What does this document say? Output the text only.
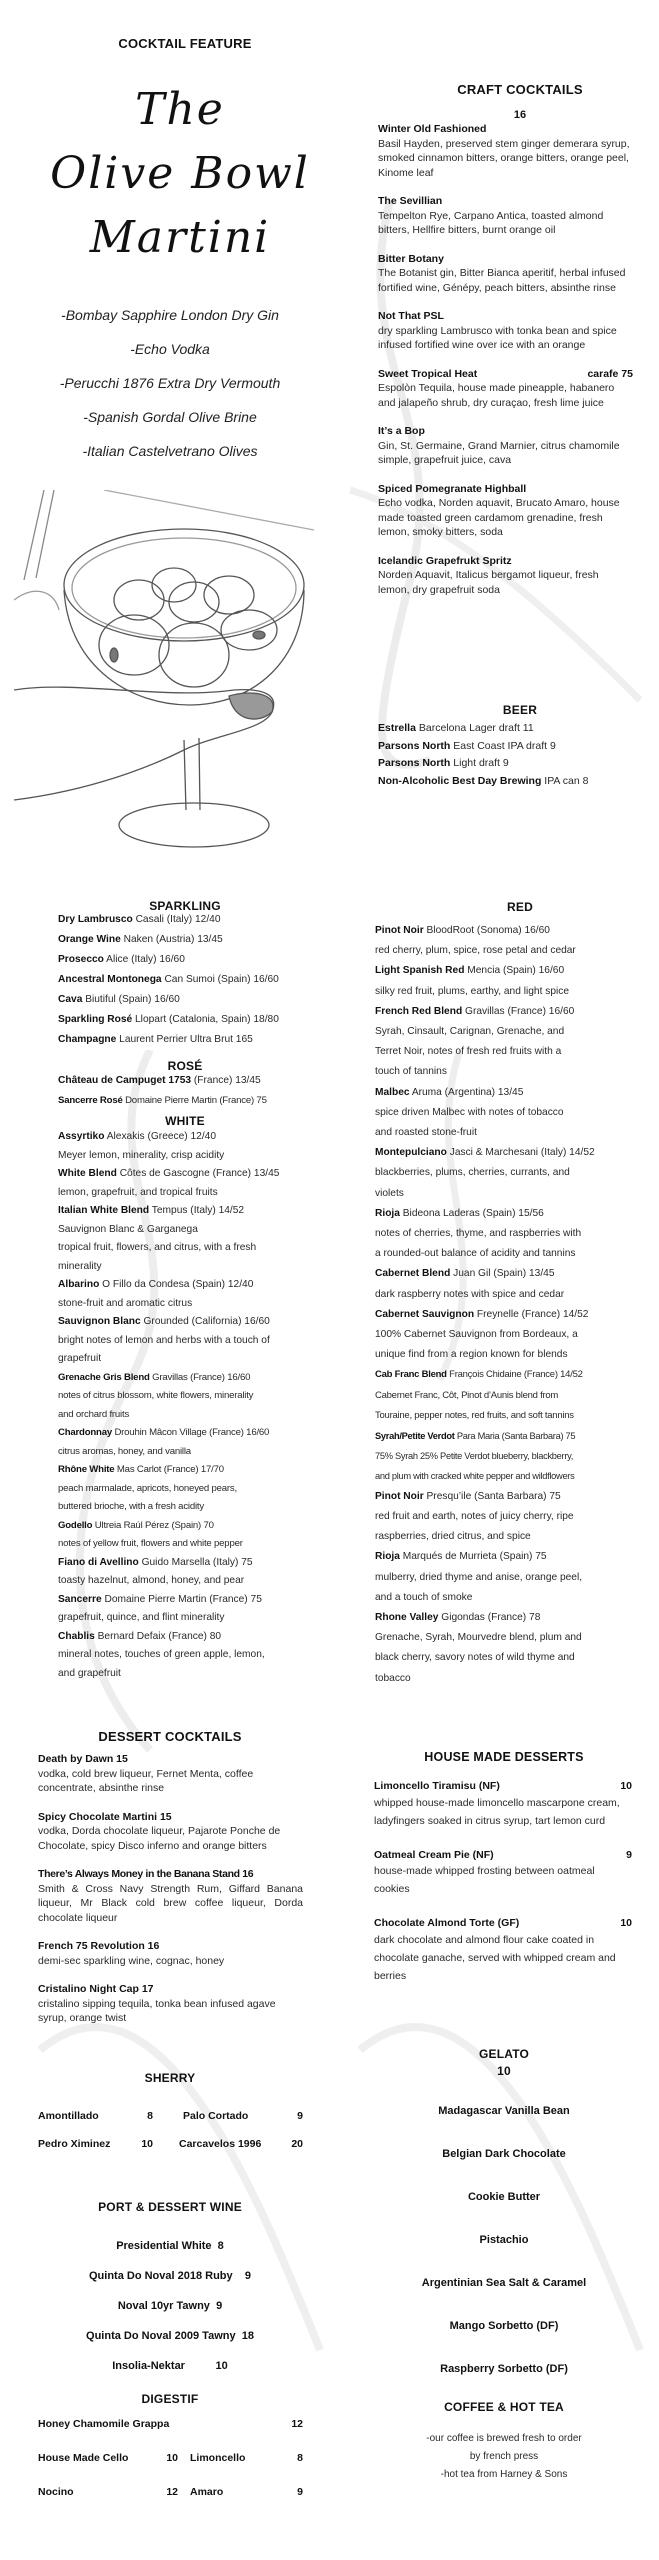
COCKTAIL FEATURE
The
Olive Bowl
Martini
-Bombay Sapphire London Dry Gin
-Echo Vodka
-Perucchi 1876 Extra Dry Vermouth
-Spanish Gordal Olive Brine
-Italian Castelvetrano Olives
CRAFT COCKTAILS
16
Winter Old Fashioned
Basil Hayden, preserved stem ginger demerara syrup, smoked cinnamon bitters, orange bitters, orange peel, Kinome leaf
The Sevillian
Tempelton Rye, Carpano Antica, toasted almond bitters, Hellfire bitters, burnt orange oil
Bitter Botany
The Botanist gin, Bitter Bianca aperitif, herbal infused fortified wine, Génépy, peach bitters, absinthe rinse
Not That PSL
dry sparkling Lambrusco with tonka bean and spice infused fortified wine over ice with an orange
Sweet Tropical Heat	carafe 75
Espolòn Tequila, house made pineapple, habanero and jalapeño shrub, dry curaçao, fresh lime juice
It’s a Bop
Gin, St. Germaine, Grand Marnier, citrus chamomile simple, grapefruit juice, cava
Spiced Pomegranate Highball
Echo vodka, Norden aquavit, Brucato Amaro, house made toasted green cardamom grenadine, fresh lemon, smoky bitters, soda
Icelandic Grapefrukt Spritz
Norden Aquavit, Italicus bergamot liqueur, fresh lemon, dry grapefruit soda
BEER
Estrella Barcelona Lager draft 11
Parsons North East Coast IPA draft 9
Parsons North Light draft 9
Non-Alcoholic Best Day Brewing IPA can 8
SPARKLING
Dry Lambrusco Casali (Italy) 12/40
Orange Wine Naken (Austria) 13/45
Prosecco Alice (Italy) 16/60
Ancestral Montonega Can Sumoi (Spain) 16/60
Cava Biutiful (Spain) 16/60
Sparkling Rosé Llopart (Catalonia, Spain) 18/80
Champagne Laurent Perrier Ultra Brut 165
ROSÉ
Château de Campuget 1753 (France) 13/45
Sancerre Rosé Domaine Pierre Martin (France) 75
WHITE
Assyrtiko Alexakis (Greece) 12/40
Meyer lemon, minerality, crisp acidity
White Blend Côtes de Gascogne (France) 13/45
lemon, grapefruit, and tropical fruits
Italian White Blend Tempus (Italy) 14/52
Sauvignon Blanc & Garganega
tropical fruit, flowers, and citrus, with a fresh
minerality
Albarino O Fillo da Condesa (Spain) 12/40
stone-fruit and aromatic citrus
Sauvignon Blanc Grounded (California) 16/60
bright notes of lemon and herbs with a touch of
grapefruit
Grenache Gris Blend Gravillas (France) 16/60
notes of citrus blossom, white flowers, minerality
and orchard fruits
Chardonnay Drouhin Mâcon Village (France) 16/60
citrus aromas, honey, and vanilla
Rhône White Mas Carlot (France) 17/70
peach marmalade, apricots, honeyed pears,
buttered brioche, with a fresh acidity
Godello Ultreia Raúl Pérez (Spain) 70
notes of yellow fruit, flowers and white pepper
Fiano di Avellino Guido Marsella (Italy) 75
toasty hazelnut, almond, honey, and pear
Sancerre Domaine Pierre Martin (France) 75
grapefruit, quince, and flint minerality
Chablis Bernard Defaix (France) 80
mineral notes, touches of green apple, lemon,
and grapefruit
RED
Pinot Noir BloodRoot (Sonoma) 16/60
red cherry, plum, spice, rose petal and cedar
Light Spanish Red Mencia (Spain) 16/60
silky red fruit, plums, earthy, and light spice
French Red Blend Gravillas (France) 16/60
Syrah, Cinsault, Carignan, Grenache, and
Terret Noir, notes of fresh red fruits with a
touch of tannins
Malbec Aruma (Argentina) 13/45
spice driven Malbec with notes of tobacco
and roasted stone-fruit
Montepulciano Jasci & Marchesani (Italy) 14/52
blackberries, plums, cherries, currants, and
violets
Rioja Bideona Laderas (Spain) 15/56
notes of cherries, thyme, and raspberries with
a rounded-out balance of acidity and tannins
Cabernet Blend Juan Gil (Spain) 13/45
dark raspberry notes with spice and cedar
Cabernet Sauvignon Freynelle (France) 14/52
100% Cabernet Sauvignon from Bordeaux, a
unique find from a region known for blends
Cab Franc Blend François Chidaine (France) 14/52
Cabernet Franc, Côt, Pinot d’Aunis blend from
Touraine, pepper notes, red fruits, and soft tannins
Syrah/Petite Verdot Para Maria (Santa Barbara) 75
75% Syrah 25% Petite Verdot blueberry, blackberry,
and plum with cracked white pepper and wildflowers
Pinot Noir Presqu’ile (Santa Barbara) 75
red fruit and earth, notes of juicy cherry, ripe
raspberries, dried citrus, and spice
Rioja Marqués de Murrieta (Spain) 75
mulberry, dried thyme and anise, orange peel,
and a touch of smoke
Rhone Valley Gigondas (France) 78
Grenache, Syrah, Mourvedre blend, plum and
black cherry, savory notes of wild thyme and
tobacco
DESSERT COCKTAILS
Death by Dawn 15
vodka, cold brew liqueur, Fernet Menta, coffee concentrate, absinthe rinse
Spicy Chocolate Martini 15
vodka, Dorda chocolate liqueur, Pajarote Ponche de Chocolate, spicy Disco inferno and orange bitters
There’s Always Money in the Banana Stand 16
Smith & Cross Navy Strength Rum, Giffard Banana liqueur, Mr Black cold brew coffee liqueur, Dorda chocolate liqueur
French 75 Revolution 16
demi-sec sparkling wine, cognac, honey
Cristalino Night Cap 17
cristalino sipping tequila, tonka bean infused agave syrup, orange twist
SHERRY
Amontillado	8	Palo Cortado	9
Pedro Ximinez	10 Carcavelos 1996	20
PORT & DESSERT WINE
Presidential White 8
Quinta Do Noval 2018 Ruby 9
Noval 10yr Tawny 9
Quinta Do Noval 2009 Tawny 18
Insolia-Nektar	10
DIGESTIF
Honey Chamomile Grappa	12
House Made Cello	10 Limoncello	8
Nocino	12 Amaro	9
HOUSE MADE DESSERTS
Limoncello Tiramisu (NF)	10
whipped house-made limoncello mascarpone cream, ladyfingers soaked in citrus syrup, tart lemon curd
Oatmeal Cream Pie (NF)	9
house-made whipped frosting between oatmeal cookies
Chocolate Almond Torte (GF)	10
dark chocolate and almond flour cake coated in chocolate ganache, served with whipped cream and berries
GELATO
10
Madagascar Vanilla Bean
Belgian Dark Chocolate
Cookie Butter
Pistachio
Argentinian Sea Salt & Caramel
Mango Sorbetto (DF)
Raspberry Sorbetto (DF)
COFFEE & HOT TEA
-our coffee is brewed fresh to order
by french press
-hot tea from Harney & Sons
